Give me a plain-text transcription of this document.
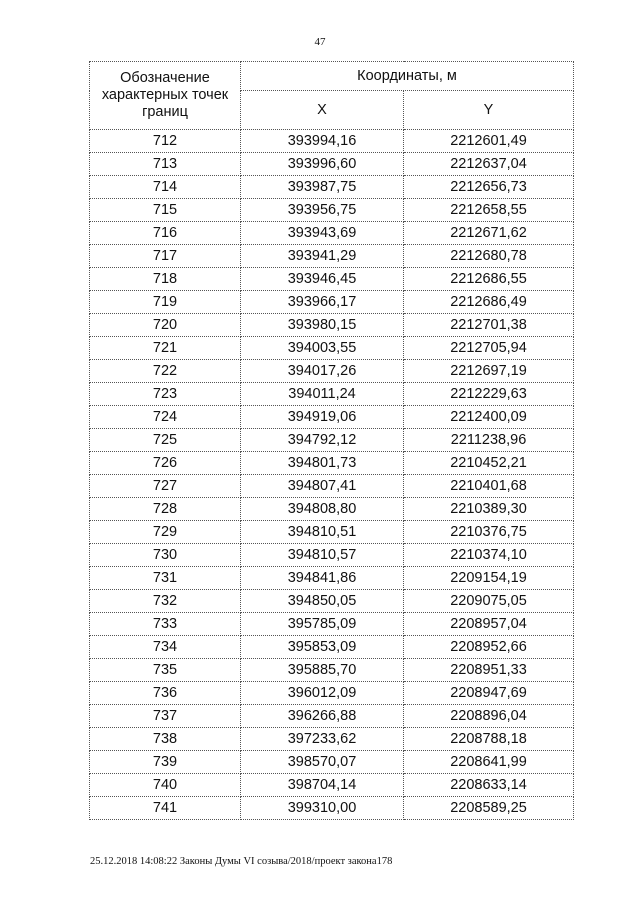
47
Обозначение характерных точек границ	Координаты, м	
	X	Y
712	393994,16	2212601,49
713	393996,60	2212637,04
714	393987,75	2212656,73
715	393956,75	2212658,55
716	393943,69	2212671,62
717	393941,29	2212680,78
718	393946,45	2212686,55
719	393966,17	2212686,49
720	393980,15	2212701,38
721	394003,55	2212705,94
722	394017,26	2212697,19
723	394011,24	2212229,63
724	394919,06	2212400,09
725	394792,12	2211238,96
726	394801,73	2210452,21
727	394807,41	2210401,68
728	394808,80	2210389,30
729	394810,51	2210376,75
730	394810,57	2210374,10
731	394841,86	2209154,19
732	394850,05	2209075,05
733	395785,09	2208957,04
734	395853,09	2208952,66
735	395885,70	2208951,33
736	396012,09	2208947,69
737	396266,88	2208896,04
738	397233,62	2208788,18
739	398570,07	2208641,99
740	398704,14	2208633,14
741	399310,00	2208589,25
25.12.2018 14:08:22 Законы Думы VI созыва/2018/проект закона178
